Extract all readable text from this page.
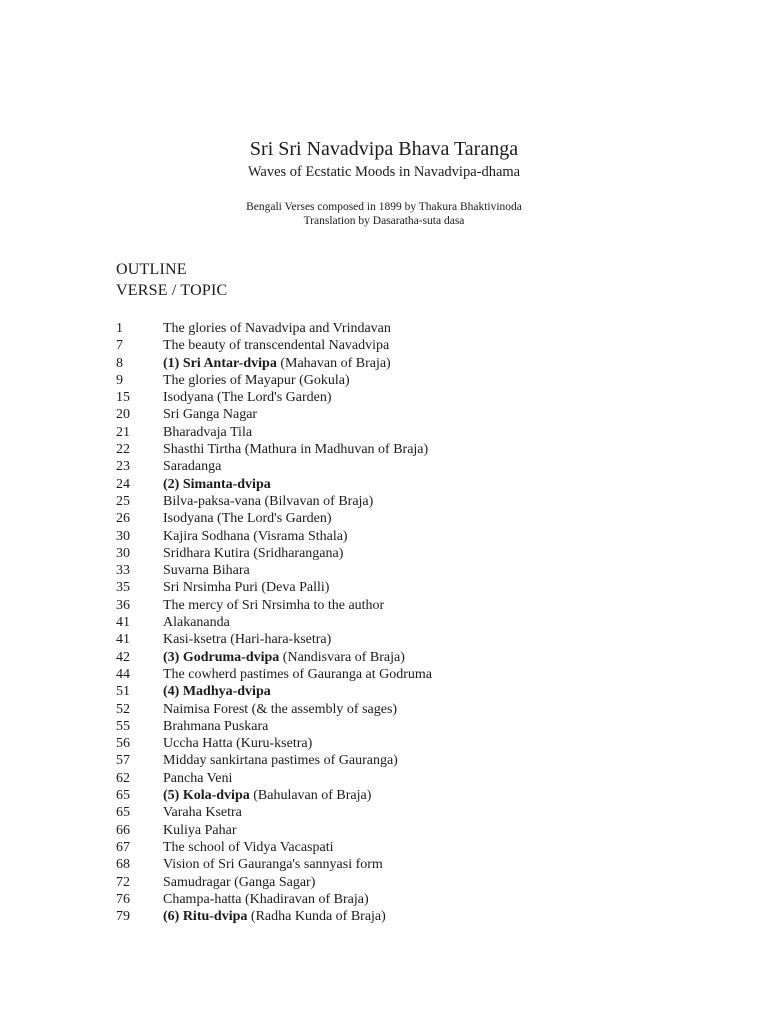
Sri Sri Navadvipa Bhava Taranga
Waves of Ecstatic Moods in Navadvipa-dhama
Bengali Verses composed in 1899 by Thakura Bhaktivinoda
Translation by Dasaratha-suta dasa
OUTLINE
VERSE / TOPIC
1	The glories of Navadvipa and Vrindavan
7	The beauty of transcendental Navadvipa
8	(1) Sri Antar-dvipa (Mahavan of Braja)
9	The glories of Mayapur (Gokula)
15	Isodyana (The Lord's Garden)
20	Sri Ganga Nagar
21	Bharadvaja Tila
22	Shasthi Tirtha (Mathura in Madhuvan of Braja)
23	Saradanga
24	(2) Simanta-dvipa
25	Bilva-paksa-vana (Bilvavan of Braja)
26	Isodyana (The Lord's Garden)
30	Kajira Sodhana (Visrama Sthala)
30	Sridhara Kutira (Sridharangana)
33	Suvarna Bihara
35	Sri Nrsimha Puri (Deva Palli)
36	The mercy of Sri Nrsimha to the author
41	Alakananda
41	Kasi-ksetra (Hari-hara-ksetra)
42	(3) Godruma-dvipa (Nandisvara of Braja)
44	The cowherd pastimes of Gauranga at Godruma
51	(4) Madhya-dvipa
52	Naimisa Forest (& the assembly of sages)
55	Brahmana Puskara
56	Uccha Hatta (Kuru-ksetra)
57	Midday sankirtana pastimes of Gauranga)
62	Pancha Veni
65	(5) Kola-dvipa (Bahulavan of Braja)
65	Varaha Ksetra
66	Kuliya Pahar
67	The school of Vidya Vacaspati
68	Vision of Sri Gauranga's sannyasi form
72	Samudragar (Ganga Sagar)
76	Champa-hatta (Khadiravan of Braja)
79	(6) Ritu-dvipa (Radha Kunda of Braja)
